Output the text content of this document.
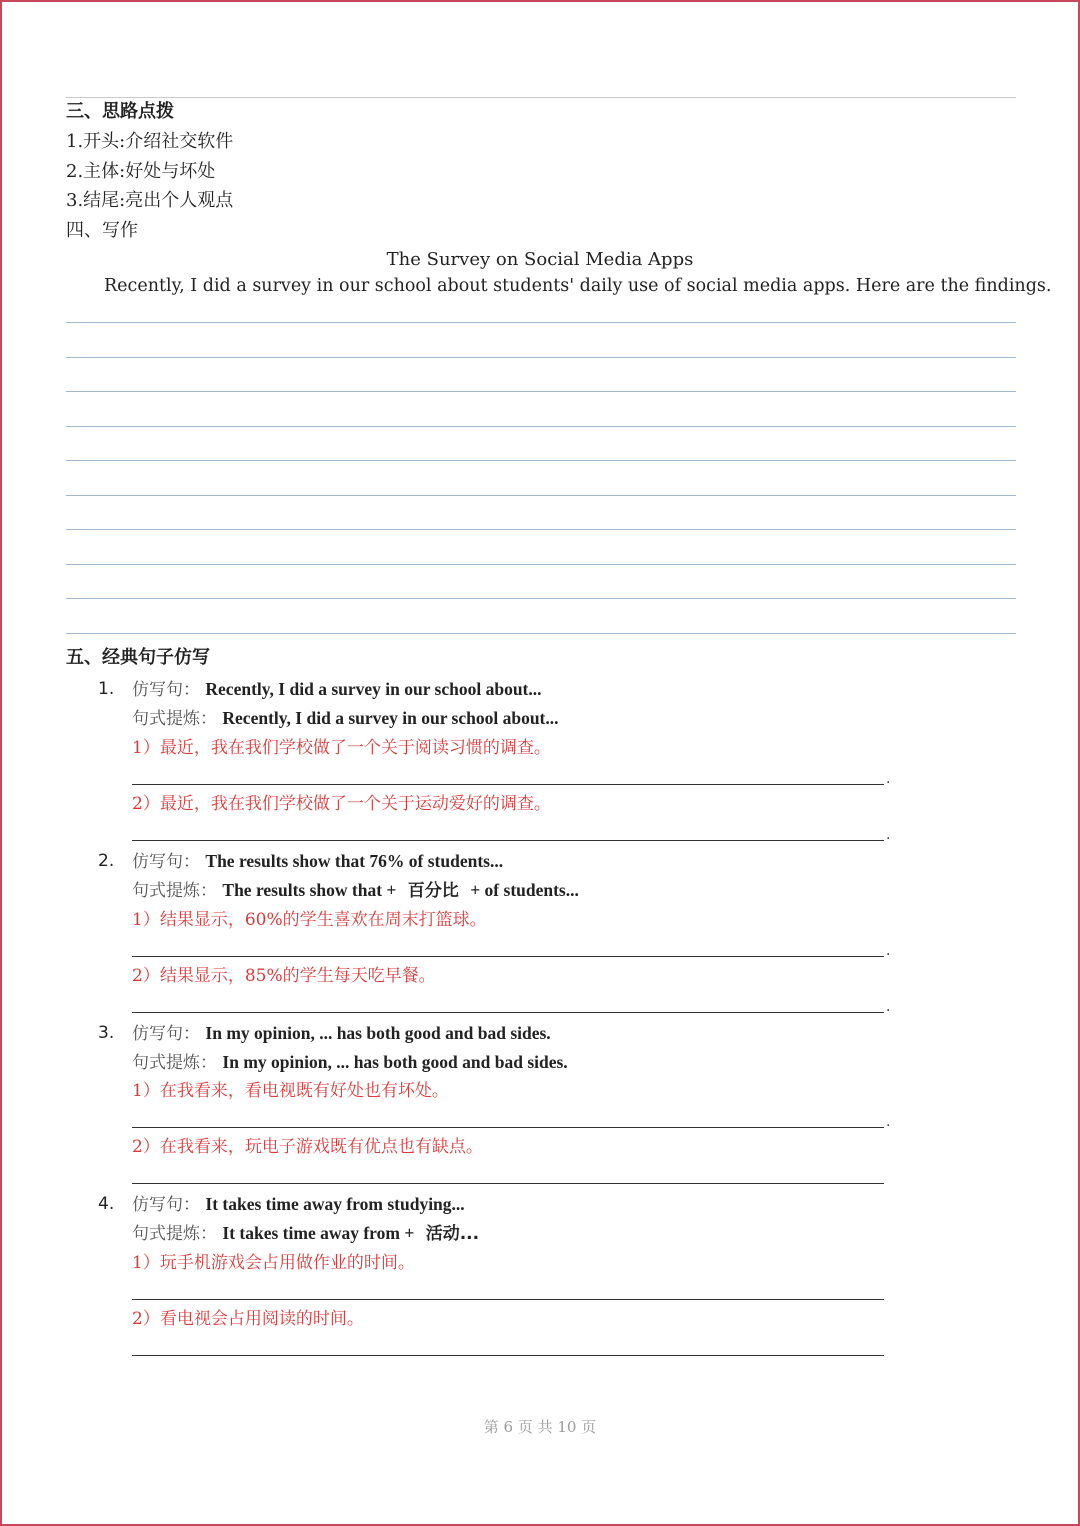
三、思路点拨
1.开头:介绍社交软件
2.主体:好处与坏处
3.结尾:亮出个人观点
四、写作
The Survey on Social Media Apps
Recently, I did a survey in our school about students' daily use of social media apps. Here are the findings.
五、经典句子仿写
1. 仿写句： Recently, I did a survey in our school about...
句式提炼： Recently, I did a survey in our school about...
1）最近，我在我们学校做了一个关于阅读习惯的调查。
.
2）最近，我在我们学校做了一个关于运动爱好的调查。
.
2. 仿写句： The results show that 76% of students...
句式提炼： The results show that + 百分比 + of students...
1）结果显示，60%的学生喜欢在周末打篮球。
.
2）结果显示，85%的学生每天吃早餐。
.
3. 仿写句： In my opinion, ... has both good and bad sides.
句式提炼： In my opinion, ... has both good and bad sides.
1）在我看来，看电视既有好处也有坏处。
.
2）在我看来，玩电子游戏既有优点也有缺点。
4. 仿写句： It takes time away from studying...
句式提炼： It takes time away from + 活动...
1）玩手机游戏会占用做作业的时间。
2）看电视会占用阅读的时间。
第 6 页 共 10 页
